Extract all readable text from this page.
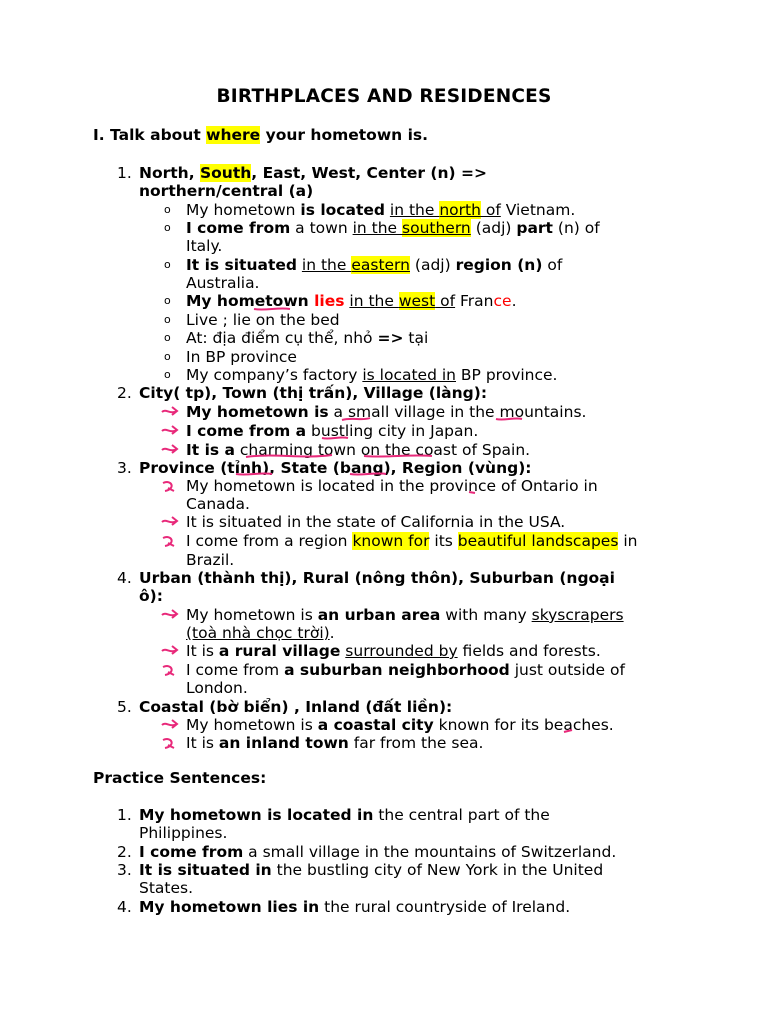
BIRTHPLACES AND RESIDENCES
I. Talk about where your hometown is.
1. North, South, East, West, Center (n) =>
northern/central (a)
o My hometown is located in the north of Vietnam.
o I come from a town in the southern (adj) part (n) of
Italy.
o It is situated in the eastern (adj) region (n) of
Australia.
o My hometown lies in the west of France.
o Live ; lie on the bed
o At: địa điểm cụ thể, nhỏ => tại
o In BP province
o My company’s factory is located in BP province.
2. City( tp), Town (thị trấn), Village (làng):
My hometown is a small village in the mountains.
I come from a bustling city in Japan.
It is a charming town on the coast of Spain.
3. Province (tỉnh), State (bang), Region (vùng):
My hometown is located in the province of Ontario in
Canada.
It is situated in the state of California in the USA.
I come from a region known for its beautiful landscapes in
Brazil.
4. Urban (thành thị), Rural (nông thôn), Suburban (ngoại
ô):
My hometown is an urban area with many skyscrapers
(toà nhà chọc trời).
It is a rural village surrounded by fields and forests.
I come from a suburban neighborhood just outside of
London.
5. Coastal (bờ biển) , Inland (đất liền):
My hometown is a coastal city known for its beaches.
It is an inland town far from the sea.
Practice Sentences:
1. My hometown is located in the central part of the
Philippines.
2. I come from a small village in the mountains of Switzerland.
3. It is situated in the bustling city of New York in the United
States.
4. My hometown lies in the rural countryside of Ireland.
